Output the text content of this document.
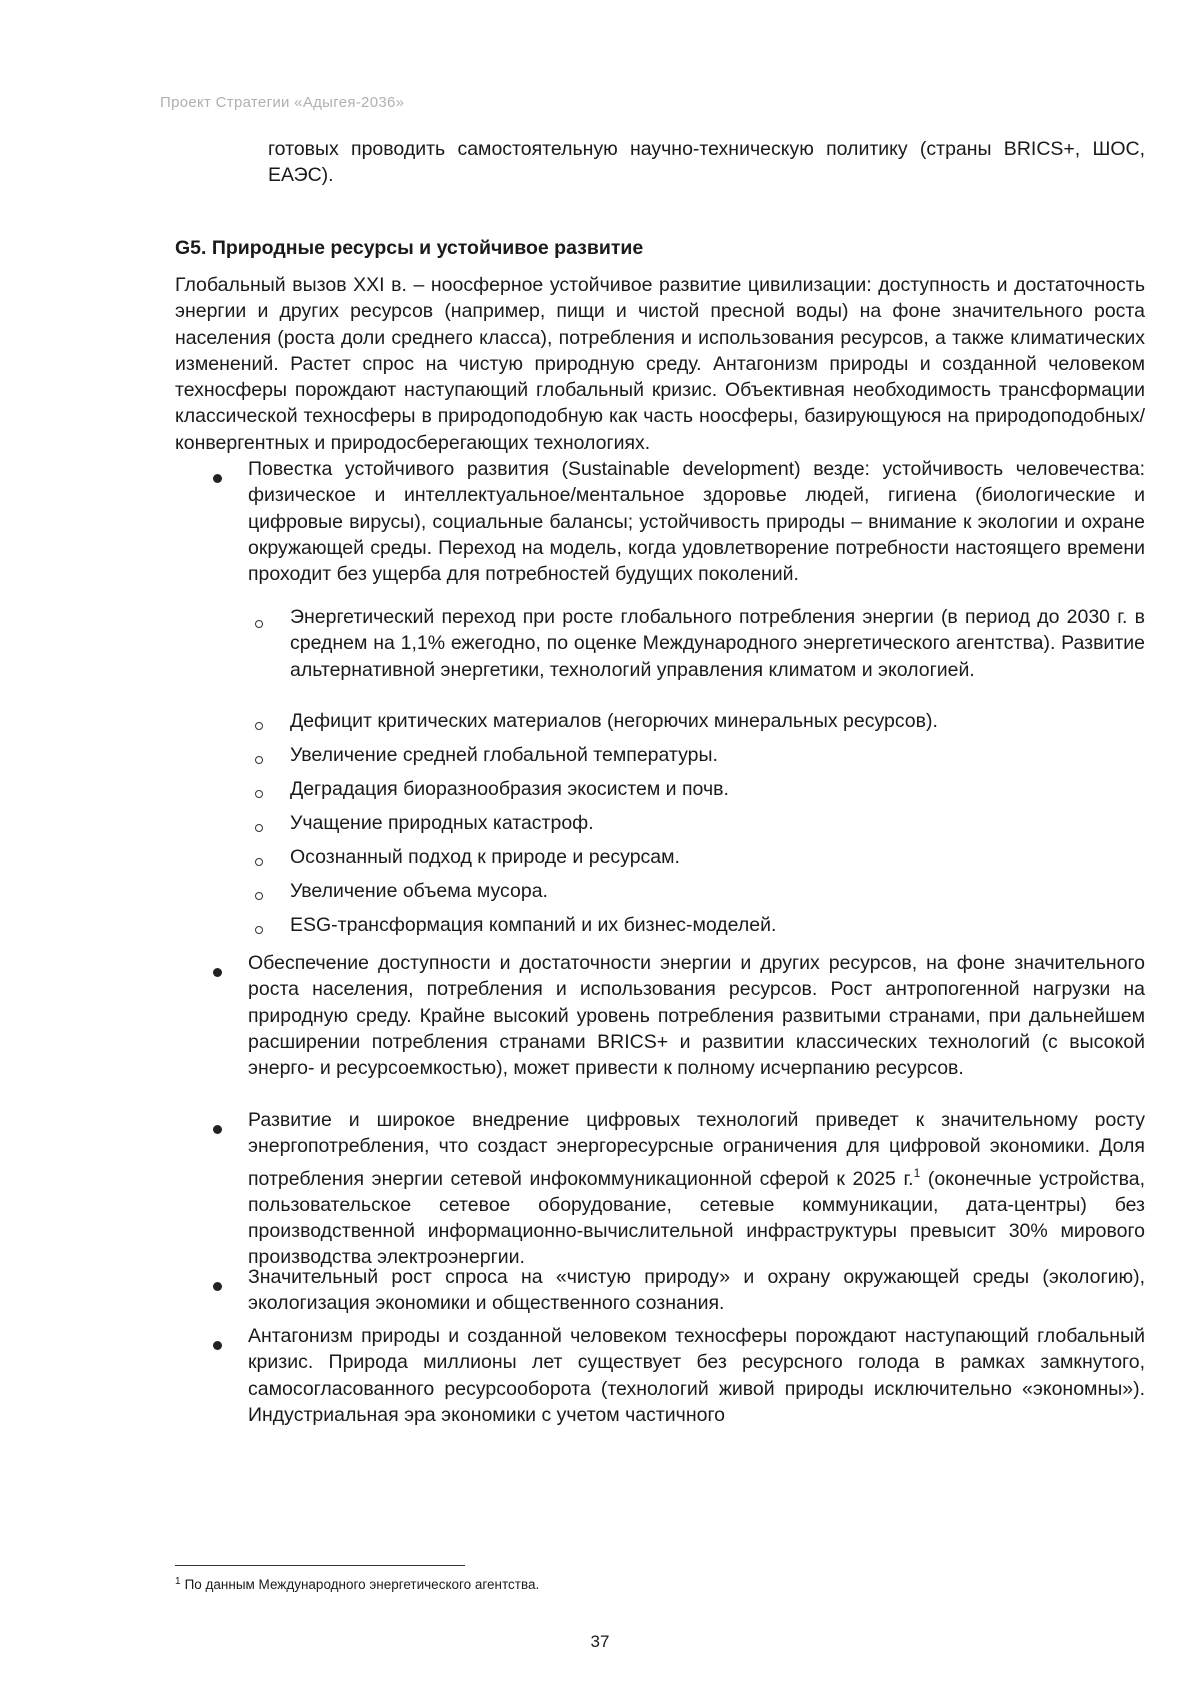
Проект Стратегии «Адыгея-2036»
готовых проводить самостоятельную научно-техническую политику (страны BRICS+, ШОС, ЕАЭС).
G5. Природные ресурсы и устойчивое развитие
Глобальный вызов XXI в. – ноосферное устойчивое развитие цивилизации: доступность и достаточность энергии и других ресурсов (например, пищи и чистой пресной воды) на фоне значительного роста населения (роста доли среднего класса), потребления и использования ресурсов, а также климатических изменений. Растет спрос на чистую природную среду. Антагонизм природы и созданной человеком техносферы порождают наступающий глобальный кризис. Объективная необходимость трансформации классической техносферы в природоподобную как часть ноосферы, базирующуюся на природоподобных/конвергентных и природосберегающих технологиях.
Повестка устойчивого развития (Sustainable development) везде: устойчивость человечества: физическое и интеллектуальное/ментальное здоровье людей, гигиена (биологические и цифровые вирусы), социальные балансы; устойчивость природы – внимание к экологии и охране окружающей среды. Переход на модель, когда удовлетворение потребности настоящего времени проходит без ущерба для потребностей будущих поколений.
Энергетический переход при росте глобального потребления энергии (в период до 2030 г. в среднем на 1,1% ежегодно, по оценке Международного энергетического агентства). Развитие альтернативной энергетики, технологий управления климатом и экологией.
Дефицит критических материалов (негорючих минеральных ресурсов).
Увеличение средней глобальной температуры.
Деградация биоразнообразия экосистем и почв.
Учащение природных катастроф.
Осознанный подход к природе и ресурсам.
Увеличение объема мусора.
ESG-трансформация компаний и их бизнес-моделей.
Обеспечение доступности и достаточности энергии и других ресурсов, на фоне значительного роста населения, потребления и использования ресурсов. Рост антропогенной нагрузки на природную среду. Крайне высокий уровень потребления развитыми странами, при дальнейшем расширении потребления странами BRICS+ и развитии классических технологий (с высокой энерго- и ресурсоемкостью), может привести к полному исчерпанию ресурсов.
Развитие и широкое внедрение цифровых технологий приведет к значительному росту энергопотребления, что создаст энергоресурсные ограничения для цифровой экономики. Доля потребления энергии сетевой инфокоммуникационной сферой к 2025 г.$^1$ (оконечные устройства, пользовательское сетевое оборудование, сетевые коммуникации, дата-центры) без производственной информационно-вычислительной инфраструктуры превысит 30% мирового производства электроэнергии.
Значительный рост спроса на «чистую природу» и охрану окружающей среды (экологию), экологизация экономики и общественного сознания.
Антагонизм природы и созданной человеком техносферы порождают наступающий глобальный кризис. Природа миллионы лет существует без ресурсного голода в рамках замкнутого, самосогласованного ресурсооборота (технологий живой природы исключительно «экономны»). Индустриальная эра экономики с учетом частичного
$^1$ По данным Международного энергетического агентства.
37
